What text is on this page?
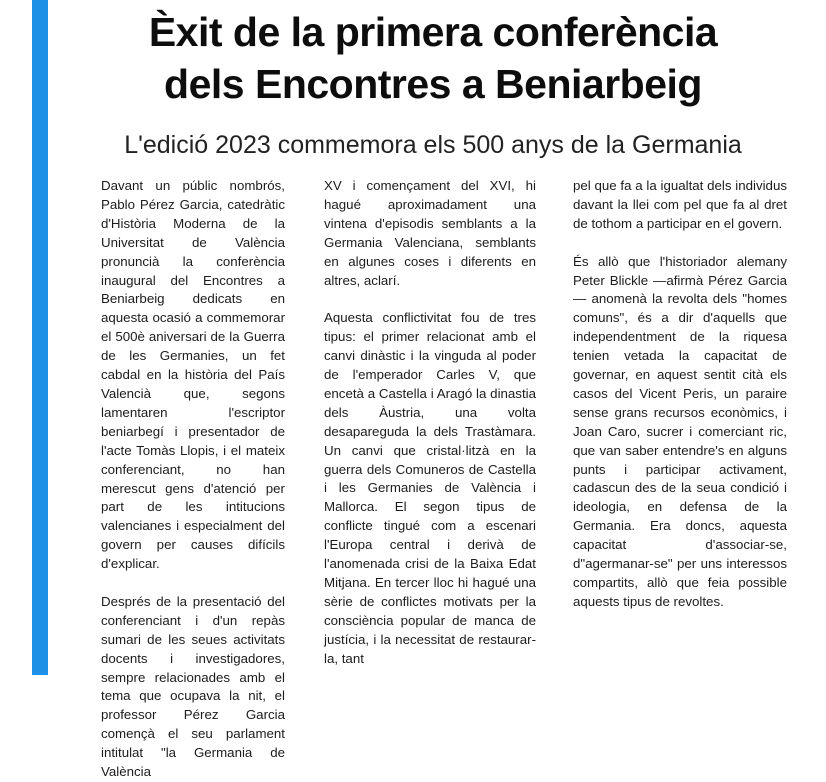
Èxit de la primera conferència
dels Encontres a Beniarbeig
L'edició 2023 commemora els 500 anys de la Germania

Davant un públic nombrós, Pablo Pérez Garcia, catedràtic d'Història Moderna de la Universitat de València pronuncià la conferència inaugural del Encontres a Beniarbeig dedicats en aquesta ocasió a commemorar el 500è aniversari de la Guerra de les Germanies, un fet cabdal en la història del País Valencià que, segons lamentaren l'escriptor beniarbegí i presentador de l'acte Tomàs Llopis, i el mateix conferenciant, no han merescut gens d'atenció per part de les intitucions valencianes i especialment del govern per causes difícils d'explicar.

Després de la presentació del conferenciant i d'un repàs sumari de les seues activitats docents i investigadores, sempre relacionades amb el tema que ocupava la nit, el professor Pérez Garcia començà el seu parlament intitulat "la Germania de València

XV i començament del XVI, hi hagué aproximadament una vintena d'episodis semblants a la Germania Valenciana, semblants en algunes coses i diferents en altres, aclarí.

Aquesta conflictivitat fou de tres tipus: el primer relacionat amb el canvi dinàstic i la vinguda al poder de l'emperador Carles V, que encetà a Castella i Aragó la dinastia dels Àustria, una volta desapareguda la dels Trastàmara. Un canvi que cristal·litzà en la guerra dels Comuneros de Castella i les Germanies de València i Mallorca. El segon tipus de conflicte tingué com a escenari l'Europa central i derivà de l'anomenada crisi de la Baixa Edat Mitjana. En tercer lloc hi hagué una sèrie de conflictes motivats per la consciència popular de manca de justícia, i la necessitat de restaurar-la, tant

pel que fa a la igualtat dels individus davant la llei com pel que fa al dret de tothom a participar en el govern.

És allò que l'historiador alemany Peter Blickle —afirmà Pérez Garcia— anomenà la revolta dels "homes comuns", és a dir d'aquells que independentment de la riquesa tenien vetada la capacitat de governar, en aquest sentit cità els casos del Vicent Peris, un paraire sense grans recursos econòmics, i Joan Caro, sucrer i comerciant ric, que van saber entendre's en alguns punts i participar activament, cadascun des de la seua condició i ideologia, en defensa de la Germania. Era doncs, aquesta capacitat d'associar-se, d"agermanar-se" per uns interessos compartits, allò que feia possible aquests tipus de revoltes.
